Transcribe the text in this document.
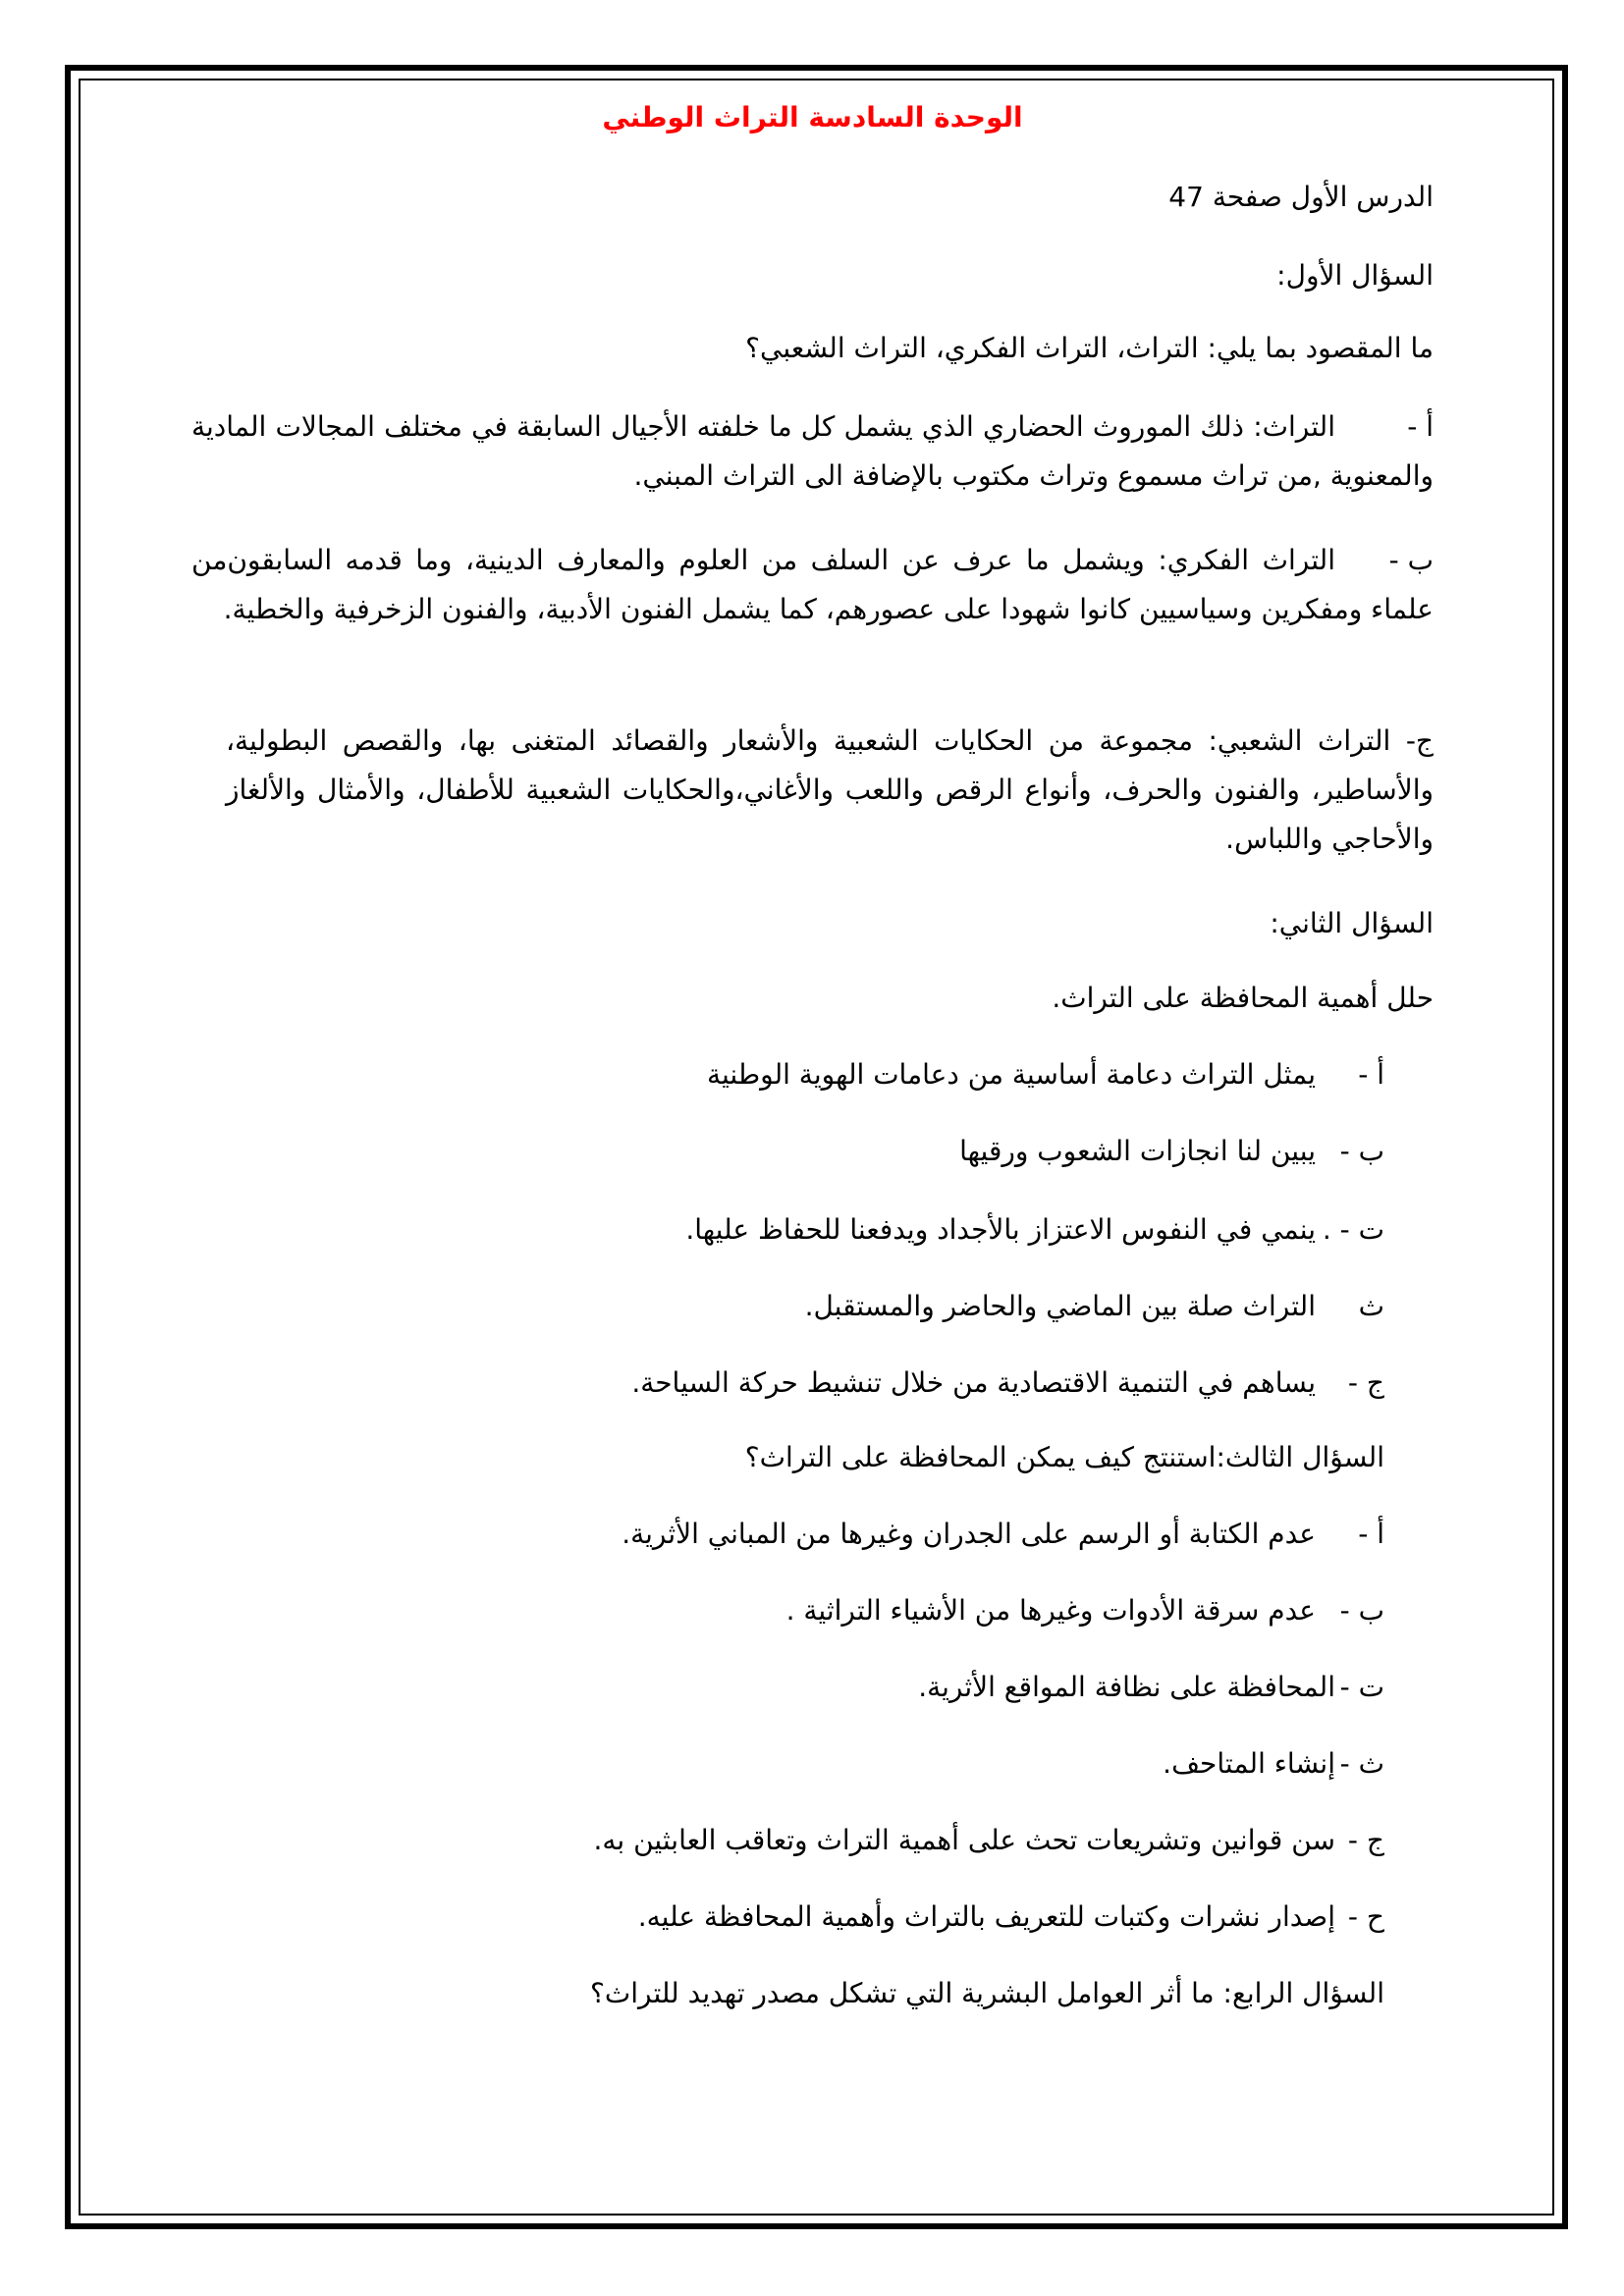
الوحدة السادسة التراث الوطني
الدرس الأول صفحة 47
السؤال الأول:
ما المقصود بما يلي: التراث، التراث الفكري، التراث الشعبي؟
أ -التراث: ذلك الموروث الحضاري الذي يشمل كل ما خلفته الأجيال السابقة في مختلف المجالات المادية والمعنوية ,من تراث مسموع وتراث مكتوب بالإضافة الى التراث المبني.
ب -التراث الفكري: ويشمل ما عرف عن السلف من العلوم والمعارف الدينية، وما قدمه السابقون‌من علماء ومفكرين وسياسيين كانوا شهودا على عصورهم، كما يشمل الفنون الأدبية، والفنون الزخرفية والخطية.
ج- التراث الشعبي: مجموعة من الحكايات الشعبية والأشعار والقصائد المتغنى بها، والقصص البطولية، والأساطير، والفنون والحرف، وأنواع الرقص واللعب والأغاني،والحكايات الشعبية للأطفال، والأمثال والألغاز والأحاجي واللباس.
السؤال الثاني:
حلل أهمية المحافظة على التراث.
أ -يمثل التراث دعامة أساسية من دعامات الهوية الوطنية
ب -يبين لنا انجازات الشعوب ورقيها
ت - .ينمي في النفوس الاعتزاز بالأجداد ويدفعنا للحفاظ عليها.
ثالتراث صلة بين الماضي والحاضر والمستقبل.
ج -يساهم في التنمية الاقتصادية من خلال تنشيط حركة السياحة.
السؤال الثالث:استنتج كيف يمكن المحافظة على التراث؟
أ -عدم الكتابة أو الرسم على الجدران وغيرها من المباني الأثرية.
ب -عدم سرقة الأدوات وغيرها من الأشياء التراثية .
ت -المحافظة على نظافة المواقع الأثرية.
ث -إنشاء المتاحف.
ج -سن قوانين وتشريعات تحث على أهمية التراث وتعاقب العابثين به.
ح -إصدار نشرات وكتبات للتعريف بالتراث وأهمية المحافظة عليه.
السؤال الرابع: ما أثر العوامل البشرية التي تشكل مصدر تهديد للتراث؟
